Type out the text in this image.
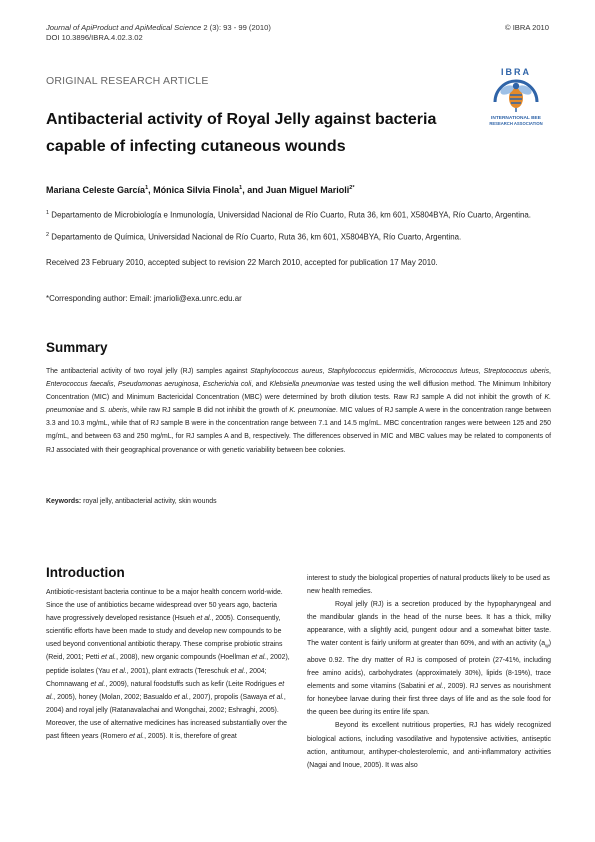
Journal of ApiProduct and ApiMedical Science 2 (3): 93 - 99 (2010)
DOI 10.3896/IBRA.4.02.3.02
© IBRA 2010
ORIGINAL RESEARCH ARTICLE
IBRA
INTERNATIONAL BEE
RESEARCH ASSOCIATION
Antibacterial activity of Royal Jelly against bacteria capable of infecting cutaneous wounds
Mariana Celeste García$^1$, Mónica Silvia Finola$^1$, and Juan Miguel Marioli$^{2*}$
$^1$ Departamento de Microbiología e Inmunología, Universidad Nacional de Río Cuarto, Ruta 36, km 601, X5804BYA, Río Cuarto, Argentina.
$^2$ Departamento de Química, Universidad Nacional de Río Cuarto, Ruta 36, km 601, X5804BYA, Río Cuarto, Argentina.
Received 23 February 2010, accepted subject to revision 22 March 2010, accepted for publication 17 May 2010.
*Corresponding author: Email: jmarioli@exa.unrc.edu.ar
Summary
The antibacterial activity of two royal jelly (RJ) samples against Staphylococcus aureus, Staphylococcus epidermidis, Micrococcus luteus, Streptococcus uberis, Enterococcus faecalis, Pseudomonas aeruginosa, Escherichia coli, and Klebsiella pneumoniae was tested using the well diffusion method. The Minimum Inhibitory Concentration (MIC) and Minimum Bactericidal Concentration (MBC) were determined by broth dilution tests. Raw RJ sample A did not inhibit the growth of K. pneumoniae and S. uberis, while raw RJ sample B did not inhibit the growth of K. pneumoniae. MIC values of RJ sample A were in the concentration range between 3.3 and 10.3 mg/mL, while that of RJ sample B were in the concentration range between 7.1 and 14.5 mg/mL. MBC concentration ranges were between 125 and 250 mg/mL, and between 63 and 250 mg/mL, for RJ samples A and B, respectively. The differences observed in MIC and MBC values may be related to components of RJ associated with their geographical provenance or with genetic variability between bee colonies.
Keywords: royal jelly, antibacterial activity, skin wounds
Introduction

Antibiotic-resistant bacteria continue to be a major health concern world-wide. Since the use of antibiotics became widespread over 50 years ago, bacteria have progressively developed resistance (Hsueh et al., 2005). Consequently, scientific efforts have been made to study and develop new compounds to be used beyond conventional antibiotic therapy. These comprise probiotic strains (Reid, 2001; Petti et al., 2008), new organic compounds (Hoellman et al., 2002), peptide isolates (Yau et al., 2001), plant extracts (Tereschuk et al., 2004; Chomnawang et al., 2009), natural foodstuffs such as kefir (Leite Rodrigues et al., 2005), honey (Molan, 2002; Basualdo et al., 2007), propolis (Sawaya et al., 2004) and royal jelly (Ratanavalachai and Wongchai, 2002; Eshraghi, 2005). Moreover, the use of alternative medicines has increased substantially over the past fifteen years (Romero et al., 2005). It is, therefore of great

interest to study the biological properties of natural products likely to be used as new health remedies.

Royal jelly (RJ) is a secretion produced by the hypopharyngeal and the mandibular glands in the head of the nurse bees. It has a thick, milky appearance, with a slightly acid, pungent odour and a somewhat bitter taste. The water content is fairly uniform at greater than 60%, and with an activity $(a_w)$ above 0.92. The dry matter of RJ is composed of protein (27-41%, including free amino acids), carbohydrates (approximately 30%), lipids (8-19%), trace elements and some vitamins (Sabatini et al., 2009). RJ serves as nourishment for honeybee larvae during their first three days of life and as the sole food for the queen bee during its entire life span.

Beyond its excellent nutritious properties, RJ has widely recognized biological actions, including vasodilative and hypotensive activities, antiseptic action, antitumour, antihyper-cholesterolemic, and anti-inflammatory activities (Nagai and Inoue, 2005). It was also
